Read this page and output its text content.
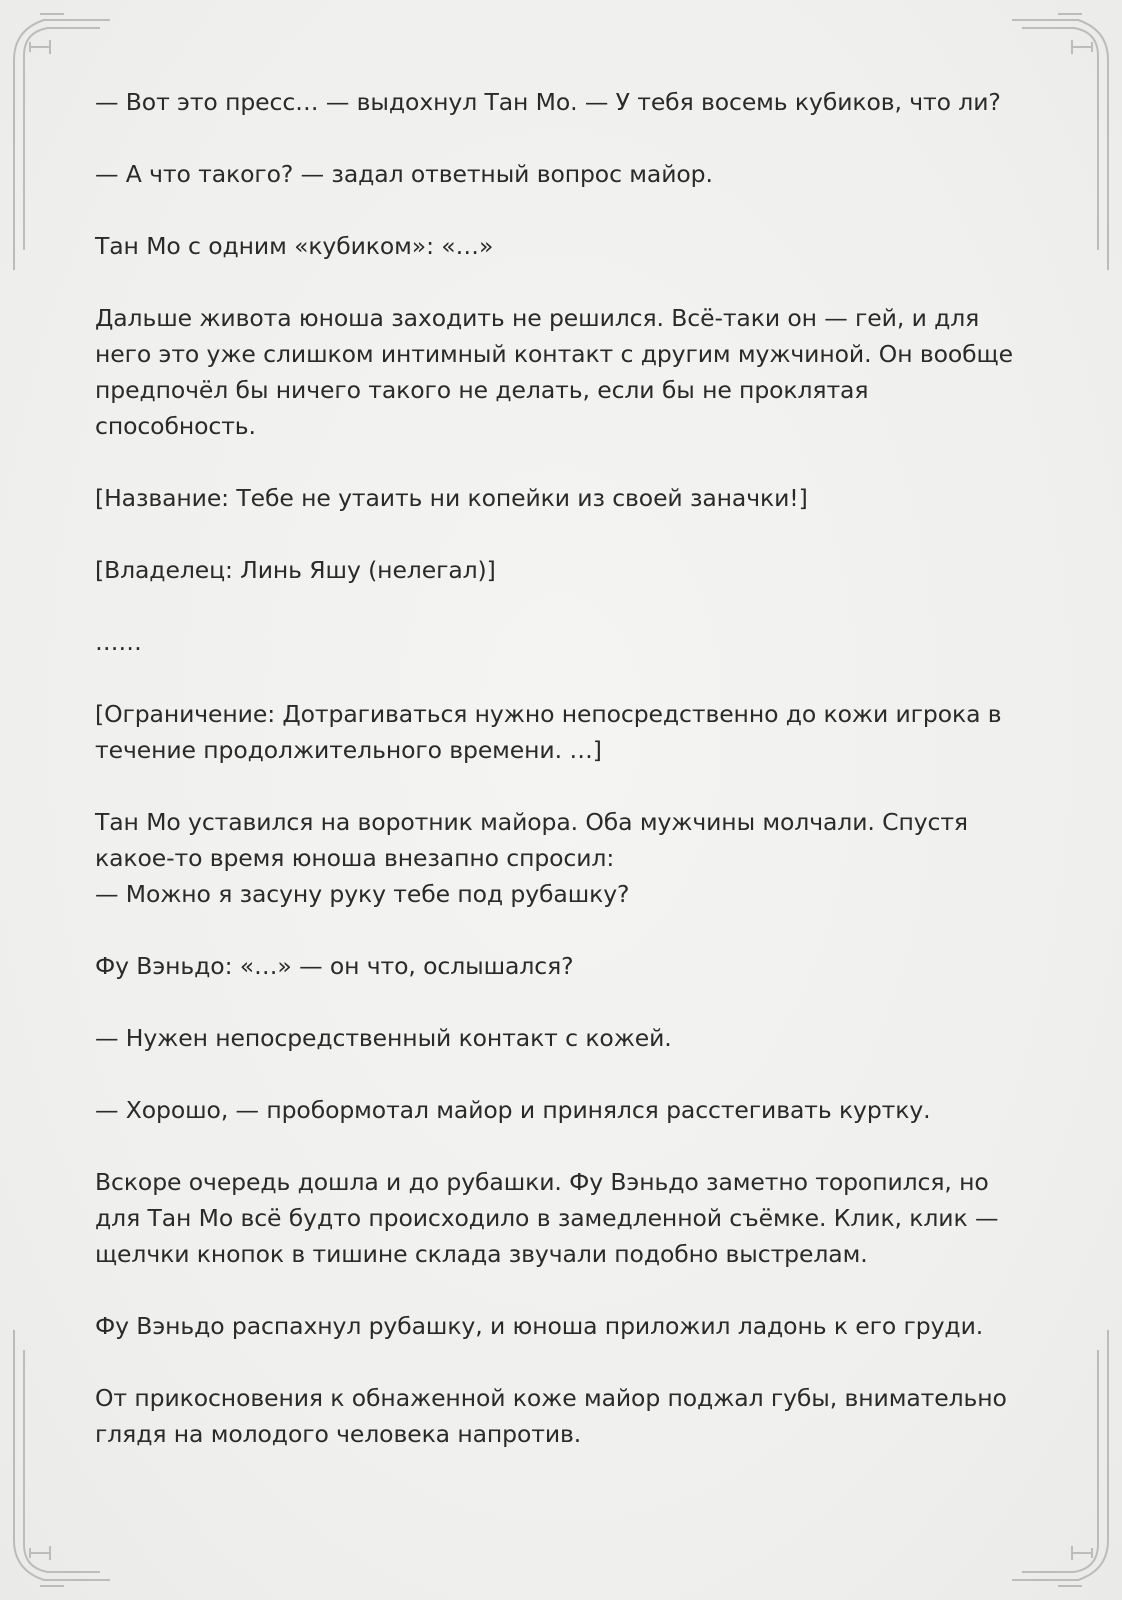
— Вот это пресс… — выдохнул Тан Мо. — У тебя восемь кубиков, что ли?

— А что такого? — задал ответный вопрос майор.

Тан Мо с одним «кубиком»: «…»

Дальше живота юноша заходить не решился. Всё-таки он — гей, и для
него это уже слишком интимный контакт с другим мужчиной. Он вообще
предпочёл бы ничего такого не делать, если бы не проклятая
способность.

[Название: Тебе не утаить ни копейки из своей заначки!]

[Владелец: Линь Яшу (нелегал)]

……

[Ограничение: Дотрагиваться нужно непосредственно до кожи игрока в
течение продолжительного времени. …]

Тан Мо уставился на воротник майора. Оба мужчины молчали. Спустя
какое-то время юноша внезапно спросил:
— Можно я засуну руку тебе под рубашку?

Фу Вэньдо: «…» — он что, ослышался?

— Нужен непосредственный контакт с кожей.

— Хорошо, — пробормотал майор и принялся расстегивать куртку.

Вскоре очередь дошла и до рубашки. Фу Вэньдо заметно торопился, но
для Тан Мо всё будто происходило в замедленной съёмке. Клик, клик —
щелчки кнопок в тишине склада звучали подобно выстрелам.

Фу Вэньдо распахнул рубашку, и юноша приложил ладонь к его груди.

От прикосновения к обнаженной коже майор поджал губы, внимательно
глядя на молодого человека напротив.
